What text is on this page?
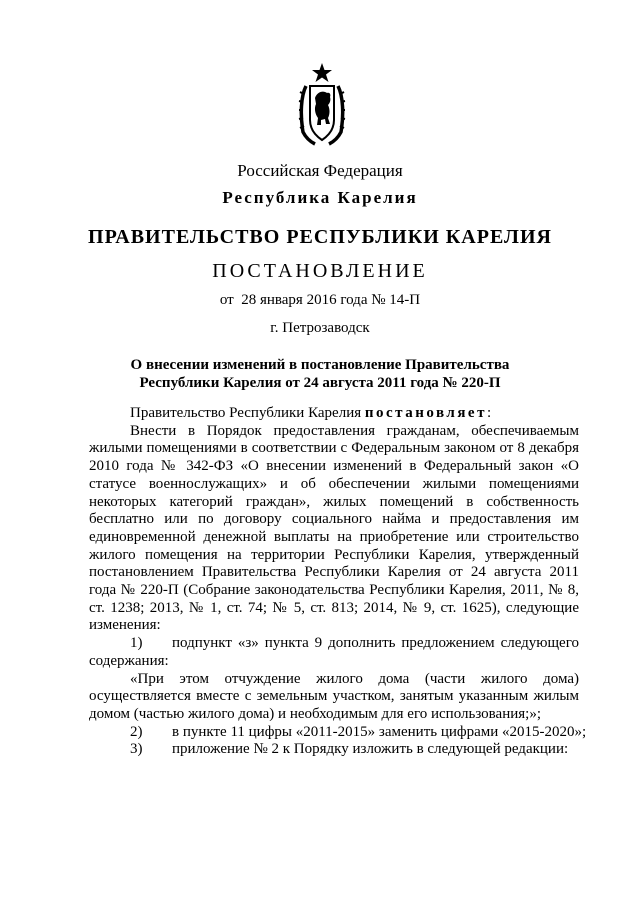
Российская Федерация
Республика Карелия
ПРАВИТЕЛЬСТВО РЕСПУБЛИКИ КАРЕЛИЯ
ПОСТАНОВЛЕНИЕ
от  28 января 2016 года № 14-П
г. Петрозаводск
О внесении изменений в постановление Правительства
Республики Карелия от 24 августа 2011 года № 220-П

Правительство Республики Карелия постановляет:

Внести в Порядок предоставления гражданам, обеспечиваемым жилыми помещениями в соответствии с Федеральным законом от 8 декабря 2010 года № 342-ФЗ «О внесении изменений в Федеральный закон «О статусе военнослужащих» и об обеспечении жилыми помещениями некоторых категорий граждан», жилых помещений в собственность бесплатно или по договору социального найма и предоставления им единовременной денежной выплаты на приобретение или строительство жилого помещения на территории Республики Карелия, утвержденный постановлением Правительства Республики Карелия от 24 августа 2011 года № 220-П (Собрание законодательства Республики Карелия, 2011, № 8, ст. 1238; 2013, № 1, ст. 74; № 5, ст. 813; 2014, № 9, ст. 1625), следующие изменения:

1) подпункт «з» пункта 9 дополнить предложением следующего

содержания:

«При этом отчуждение жилого дома (части жилого дома) осуществляется вместе с земельным участком, занятым указанным жилым домом (частью жилого дома) и необходимым для его использования;»;

2) в пункте 11 цифры «2011-2015» заменить цифрами «2015-2020»;
3) приложение № 2 к Порядку изложить в следующей редакции:
